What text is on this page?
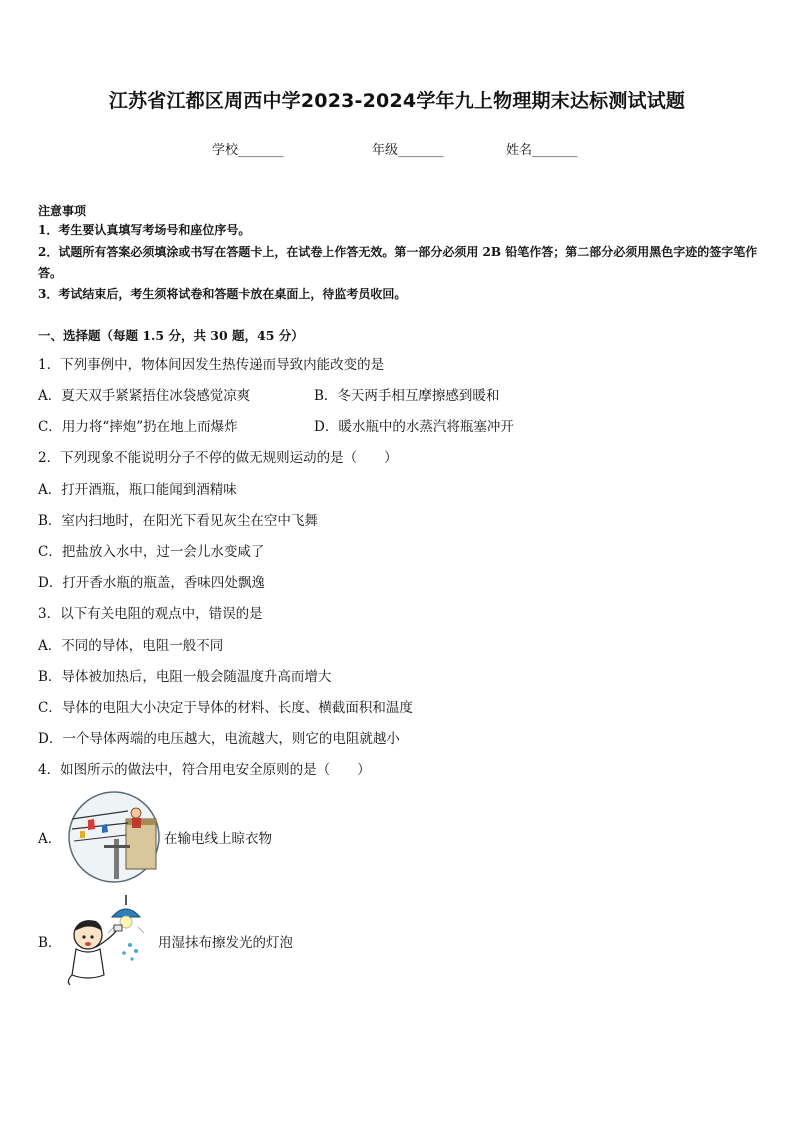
江苏省江都区周西中学2023-2024学年九上物理期末达标测试试题
学校_______	年级_______	姓名_______
注意事项
1．考生要认真填写考场号和座位序号。
2．试题所有答案必须填涂或书写在答题卡上，在试卷上作答无效。第一部分必须用 2B 铅笔作答；第二部分必须用黑色字迹的签字笔作答。
3．考试结束后，考生须将试卷和答题卡放在桌面上，待监考员收回。
一、选择题（每题 1.5 分，共 30 题，45 分）
1．下列事例中，物体间因发生热传递而导致内能改变的是
A．夏天双手紧紧捂住冰袋感觉凉爽	B．冬天两手相互摩擦感到暖和
C．用力将“摔炮”扔在地上而爆炸	D．暖水瓶中的水蒸汽将瓶塞冲开
2．下列现象不能说明分子不停的做无规则运动的是（　　）
A．打开酒瓶，瓶口能闻到酒精味
B．室内扫地时，在阳光下看见灰尘在空中飞舞
C．把盐放入水中，过一会儿水变咸了
D．打开香水瓶的瓶盖，香味四处飘逸
3．以下有关电阻的观点中，错误的是
A．不同的导体，电阻一般不同
B．导体被加热后，电阻一般会随温度升高而增大
C．导体的电阻大小决定于导体的材料、长度、横截面积和温度
D．一个导体两端的电压越大，电流越大，则它的电阻就越小
4．如图所示的做法中，符合用电安全原则的是（　　）
A．	在输电线上晾衣物
B．	用湿抹布擦发光的灯泡
